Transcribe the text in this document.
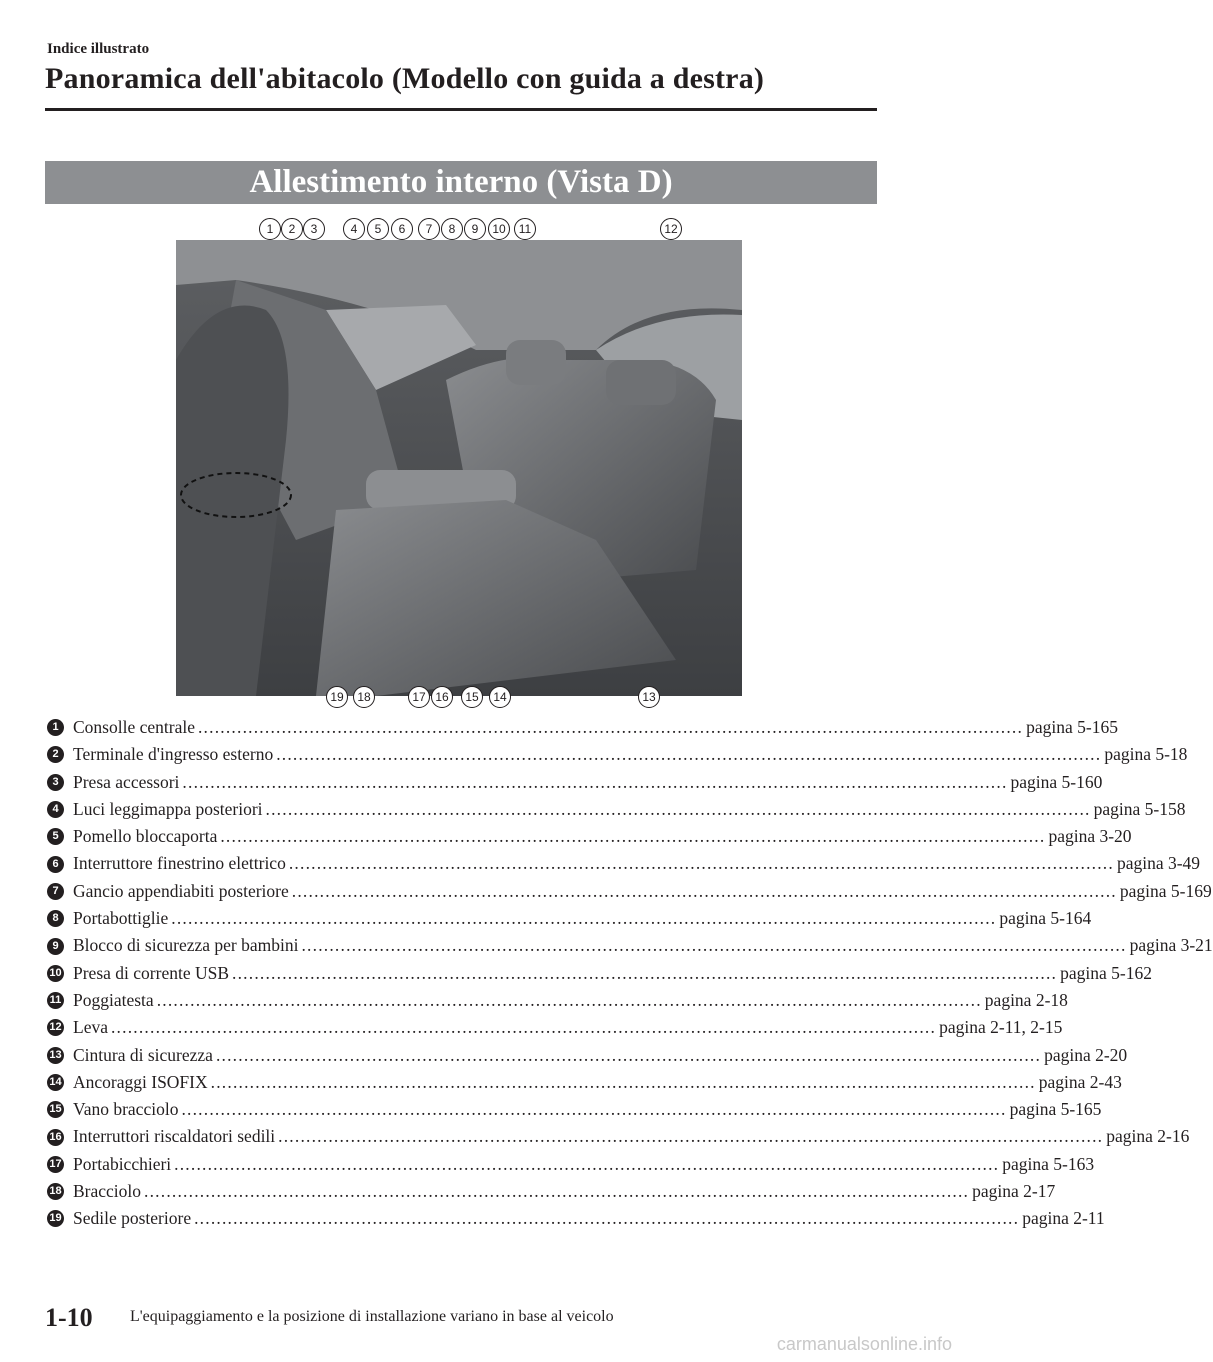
Indice illustrato
Panoramica dell'abitacolo (Modello con guida a destra)
Allestimento interno (Vista D)
1	2	3	4	5	6	7	8	9	10	11	12
19	18	17 16	15	14	13
1 Consolle centrale .................................................................................................................................................... pagina 5-165
2 Terminale d'ingresso esterno .................................................................................................................................................... pagina 5-18
3 Presa accessori .................................................................................................................................................... pagina 5-160
4 Luci leggimappa posteriori .................................................................................................................................................... pagina 5-158
5 Pomello bloccaporta .................................................................................................................................................... pagina 3-20
6 Interruttore finestrino elettrico .................................................................................................................................................... pagina 3-49
7 Gancio appendiabiti posteriore .................................................................................................................................................... pagina 5-169
8 Portabottiglie .................................................................................................................................................... pagina 5-164
9 Blocco di sicurezza per bambini .................................................................................................................................................... pagina 3-21
10 Presa di corrente USB .................................................................................................................................................... pagina 5-162
11 Poggiatesta .................................................................................................................................................... pagina 2-18
12 Leva .................................................................................................................................................... pagina 2-11, 2-15
13 Cintura di sicurezza .................................................................................................................................................... pagina 2-20
14 Ancoraggi ISOFIX .................................................................................................................................................... pagina 2-43
15 Vano bracciolo .................................................................................................................................................... pagina 5-165
16 Interruttori riscaldatori sedili .................................................................................................................................................... pagina 2-16
17 Portabicchieri .................................................................................................................................................... pagina 5-163
18 Bracciolo .................................................................................................................................................... pagina 2-17
19 Sedile posteriore .................................................................................................................................................... pagina 2-11
1-10 L'equipaggiamento e la posizione di installazione variano in base al veicolo
carmanualsonline.info
